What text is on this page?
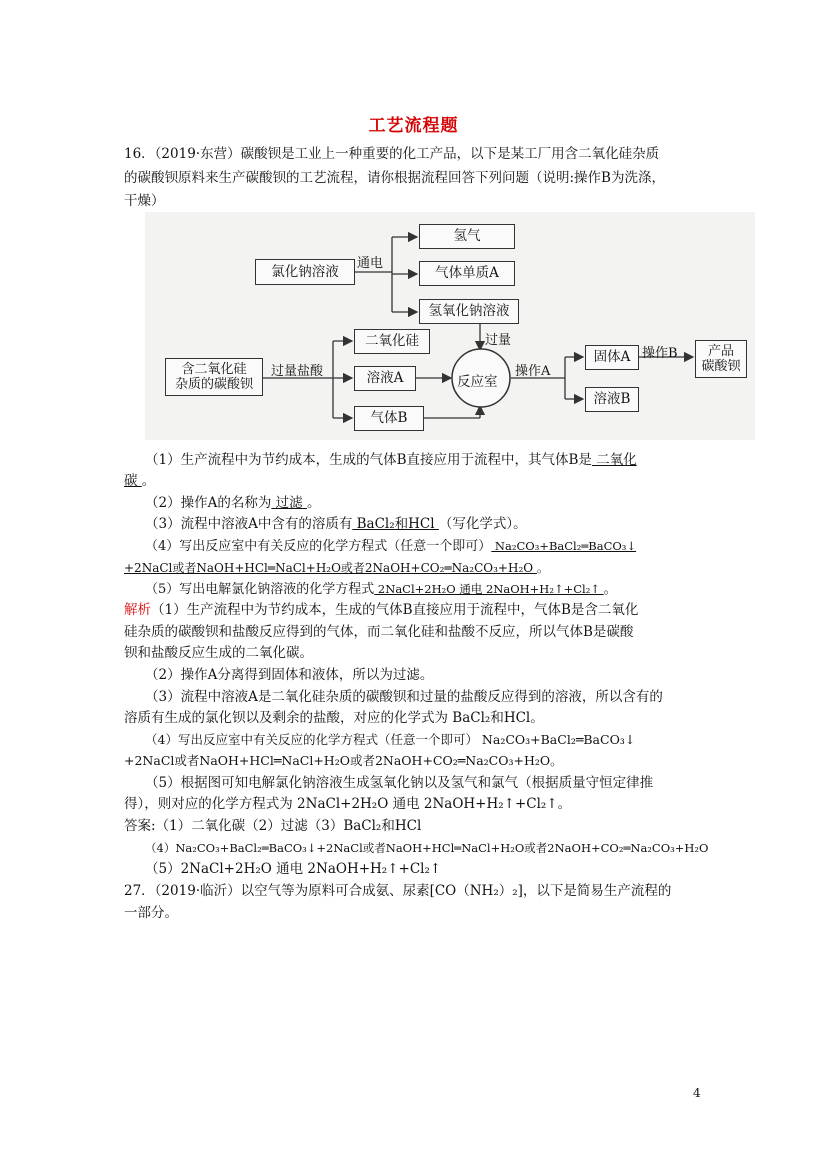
工艺流程题
16．（2019·东营）碳酸钡是工业上一种重要的化工产品，以下是某工厂用含二氧化硅杂质
的碳酸钡原料来生产碳酸钡的工艺流程，请你根据流程回答下列问题（说明:操作B为洗涤，
干燥）
氯化钠溶液	通电
氢气
气体单质A
氢氧化钠溶液
过量
含二氧化硅
杂质的碳酸钡
过量盐酸
二氧化硅
溶液A
气体B
反应室
操作A
固体A
溶液B
操作B	产品
碳酸钡
（1）生产流程中为节约成本，生成的气体B直接应用于流程中，其气体B是 二氧化
碳 。
（2）操作A的名称为 过滤 。
（3）流程中溶液A中含有的溶质有 BaCl₂和HCl （写化学式）。
（4）写出反应室中有关反应的化学方程式（任意一个即可） Na₂CO₃+BaCl₂═BaCO₃↓
+2NaCl或者NaOH+HCl═NaCl+H₂O或者2NaOH+CO₂═Na₂CO₃+H₂O 。
（5）写出电解氯化钠溶液的化学方程式 2NaCl+2H₂O 通电 2NaOH+H₂↑+Cl₂↑ 。
解析（1）生产流程中为节约成本，生成的气体B直接应用于流程中，气体B是含二氧化
硅杂质的碳酸钡和盐酸反应得到的气体，而二氧化硅和盐酸不反应，所以气体B是碳酸
钡和盐酸反应生成的二氧化碳。
（2）操作A分离得到固体和液体，所以为过滤。
（3）流程中溶液A是二氧化硅杂质的碳酸钡和过量的盐酸反应得到的溶液，所以含有的
溶质有生成的氯化钡以及剩余的盐酸，对应的化学式为 BaCl₂和HCl。
（4）写出反应室中有关反应的化学方程式（任意一个即可） Na₂CO₃+BaCl₂═BaCO₃↓
+2NaCl或者NaOH+HCl═NaCl+H₂O或者2NaOH+CO₂═Na₂CO₃+H₂O。
（5）根据图可知电解氯化钠溶液生成氢氧化钠以及氢气和氯气（根据质量守恒定律推
得），则对应的化学方程式为 2NaCl+2H₂O 通电 2NaOH+H₂↑+Cl₂↑。
答案:（1）二氧化碳（2）过滤（3）BaCl₂和HCl
（4）Na₂CO₃+BaCl₂═BaCO₃↓+2NaCl或者NaOH+HCl═NaCl+H₂O或者2NaOH+CO₂═Na₂CO₃+H₂O
（5）2NaCl+2H₂O 通电 2NaOH+H₂↑+Cl₂↑
27．（2019·临沂）以空气等为原料可合成氨、尿素[CO（NH₂）₂]，以下是简易生产流程的
一部分。
4
